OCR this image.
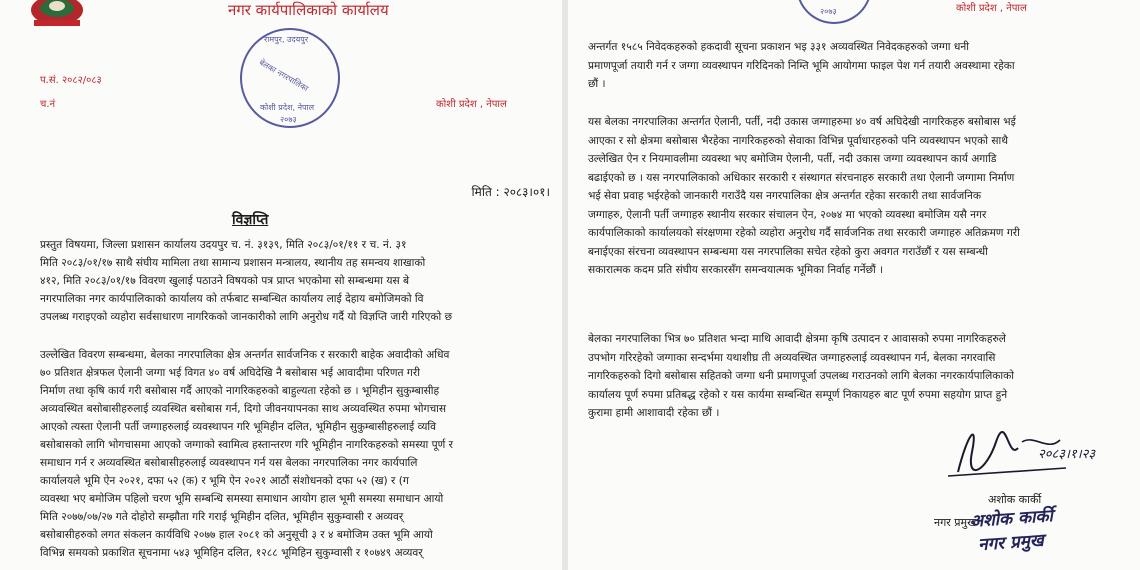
नगर कार्यपालिकाको कार्यालय
रामपुर, उदयपुर
बेलका नगरपालिका
कोशी प्रदेश, नेपाल
२०७३
प.सं. २०८२/०८३
च.नं	कोशी प्रदेश , नेपाल
मिति : २०८३।०१।
विज्ञप्ति
प्रस्तुत विषयमा, जिल्ला प्रशासन कार्यालय उदयपुर च. नं. ३१३९, मिति २०८३/०१/११ र च. नं. ३१
मिति २०८३/०१/१७ साथै संघीय मामिला तथा सामान्य प्रशासन मन्त्रालय, स्थानीय तह समन्वय शाखाको
४१२, मिति २०८३/०१/१७ विवरण खुलाई पठाउने विषयको पत्र प्राप्त भएकोमा सो सम्बन्धमा यस बे
नगरपालिका नगर कार्यपालिकाको कार्यालय को तर्फबाट सम्बन्धित कार्यालय लाई देहाय बमोजिमको वि
उपलब्ध गराइएको व्यहोरा सर्वसाधारण नागरिकको जानकारीको लागि अनुरोध गर्दै यो विज्ञप्ति जारी गरिएको छ
उल्लेखित विवरण सम्बन्धमा, बेलका नगरपालिका क्षेत्र अन्तर्गत सार्वजनिक र सरकारी बाहेक अवादीको अधिव
७० प्रतिशत क्षेत्रफल ऐलानी जग्गा भई विगत ४० वर्ष अघिदेखि नै बसोबास भई आवादीमा परिणत गरी
निर्माण तथा कृषि कार्य गरी बसोबास गर्दै आएको नागरिकहरुको बाहुल्यता रहेको छ । भूमिहीन सुकुम्बासीह
अव्यवस्थित बसोबासीहरुलाई व्यवस्थित बसोबास गर्न, दिगो जीवनयापनका साथ अव्यवस्थित रुपमा भोगचास
आएको त्यस्ता ऐलानी पर्ती जग्गाहरुलाई व्यवस्थापन गरि भूमिहीन दलित, भूमिहीन सुकुम्बासीहरुलाई व्यवि
बसोबासको लागि भोगचासमा आएको जग्गाको स्वामित्व हस्तान्तरण गरि भूमिहीन नागरिकहरुको समस्या पूर्ण र
समाधान गर्न र अव्यवस्थित बसोबासीहरुलाई व्यवस्थापन गर्न यस बेलका नगरपालिका नगर कार्यपालि
कार्यालयले भूमि ऐन २०२१, दफा ५२ (क) र भूमि ऐन २०२१ आठौं संशोधनको दफा ५२ (ख) र (ग
व्यवस्था भए बमोजिम पहिलो चरण भूमि सम्बन्धि समस्या समाधान आयोग हाल भूमी समस्या समाधान आयो
मिति २०७७/०७/२७ गते दोहोरो सम्झौता गरि गराई भूमिहीन दलित, भूमिहीन सुकुम्वासी र अव्यवर्
बसोबासीहरुको लगत संकलन कार्यविधि २०७७ हाल २०८१ को अनुसूची ३ र ४ बमोजिम उक्त भूमि आयो
विभिन्न समयको प्रकाशित सूचनामा ५४३ भूमिहिन दलित, १२८८ भूमिहिन सुकुम्वासी र १०७४९ अव्यवर्
२०७३	कोशी प्रदेश , नेपाल
अन्तर्गत १५८५ निवेदकहरुको हकदावी सूचना प्रकाशन भइ ३३१ अव्यवस्थित निवेदकहरुको जग्गा धनी
प्रमाणपूर्जा तयारी गर्न र जग्गा व्यवस्थापन गरिदिनको निम्ति भूमि आयोगमा फाइल पेश गर्न तयारी अवस्थामा रहेका
छौं ।
यस बेलका नगरपालिका अन्तर्गत ऐलानी, पर्ती, नदी उकास जग्गाहरुमा ४० वर्ष अघिदेखी नागरिकहरु बसोबास भई
आएका र सो क्षेत्रमा बसोबास भैरहेका नागरिकहरुको सेवाका विभिन्न पूर्वाधारहरुको पनि व्यवस्थापन भएको साथै
उल्लेखित ऐन र नियमावलीमा व्यवस्था भए बमोजिम ऐलानी, पर्ती, नदी उकास जग्गा व्यवस्थापन कार्य अगाडि
बढाईएको छ । यस नगरपालिकाको अधिकार सरकारी र संस्थागत संरचनाहरु सरकारी तथा ऐलानी जग्गामा निर्माण
भई सेवा प्रवाह भईरहेको जानकारी गराउँदै यस नगरपालिका क्षेत्र अन्तर्गत रहेका सरकारी तथा सार्वजनिक
जग्गाहरु, ऐलानी पर्ती जग्गाहरु स्थानीय सरकार संचालन ऐन, २०७४ मा भएको व्यवस्था बमोजिम यसै नगर
कार्यपालिकाको कार्यालयको संरक्षणमा रहेको व्यहोरा अनुरोध गर्दै सार्वजनिक तथा सरकारी जग्गाहरु अतिक्रमण गरी
बनाईएका संरचना व्यवस्थापन सम्बन्धमा यस नगरपालिका सचेत रहेको कुरा अवगत गराउँछौं र यस सम्बन्धी
सकारात्मक कदम प्रति संघीय सरकारसँग समन्वयात्मक भूमिका निर्वाह गर्नेछौं ।
बेलका नगरपालिका भित्र ७० प्रतिशत भन्दा माथि आवादी क्षेत्रमा कृषि उत्पादन र आवासको रुपमा नागरिकहरुले
उपभोग गरिरहेको जग्गाका सन्दर्भमा यथाशीघ्र ती अव्यवस्थित जग्गाहरुलाई व्यवस्थापन गर्न, बेलका नगरवासि
नागरिकहरुको दिगो बसोबास सहितको जग्गा धनी प्रमाणपूर्जा उपलब्ध गराउनको लागि बेलका नगरकार्यपालिकाको
कार्यालय पूर्ण रुपमा प्रतिबद्ध रहेको र यस कार्यमा सम्बन्धित सम्पूर्ण निकायहरु बाट पूर्ण रुपमा सहयोग प्राप्त हुने
कुरामा हामी आशावादी रहेका छौं ।
२०८३।१।२३
अशोक कार्की
नगर प्रमुख
अशोक कार्की
नगर प्रमुख
